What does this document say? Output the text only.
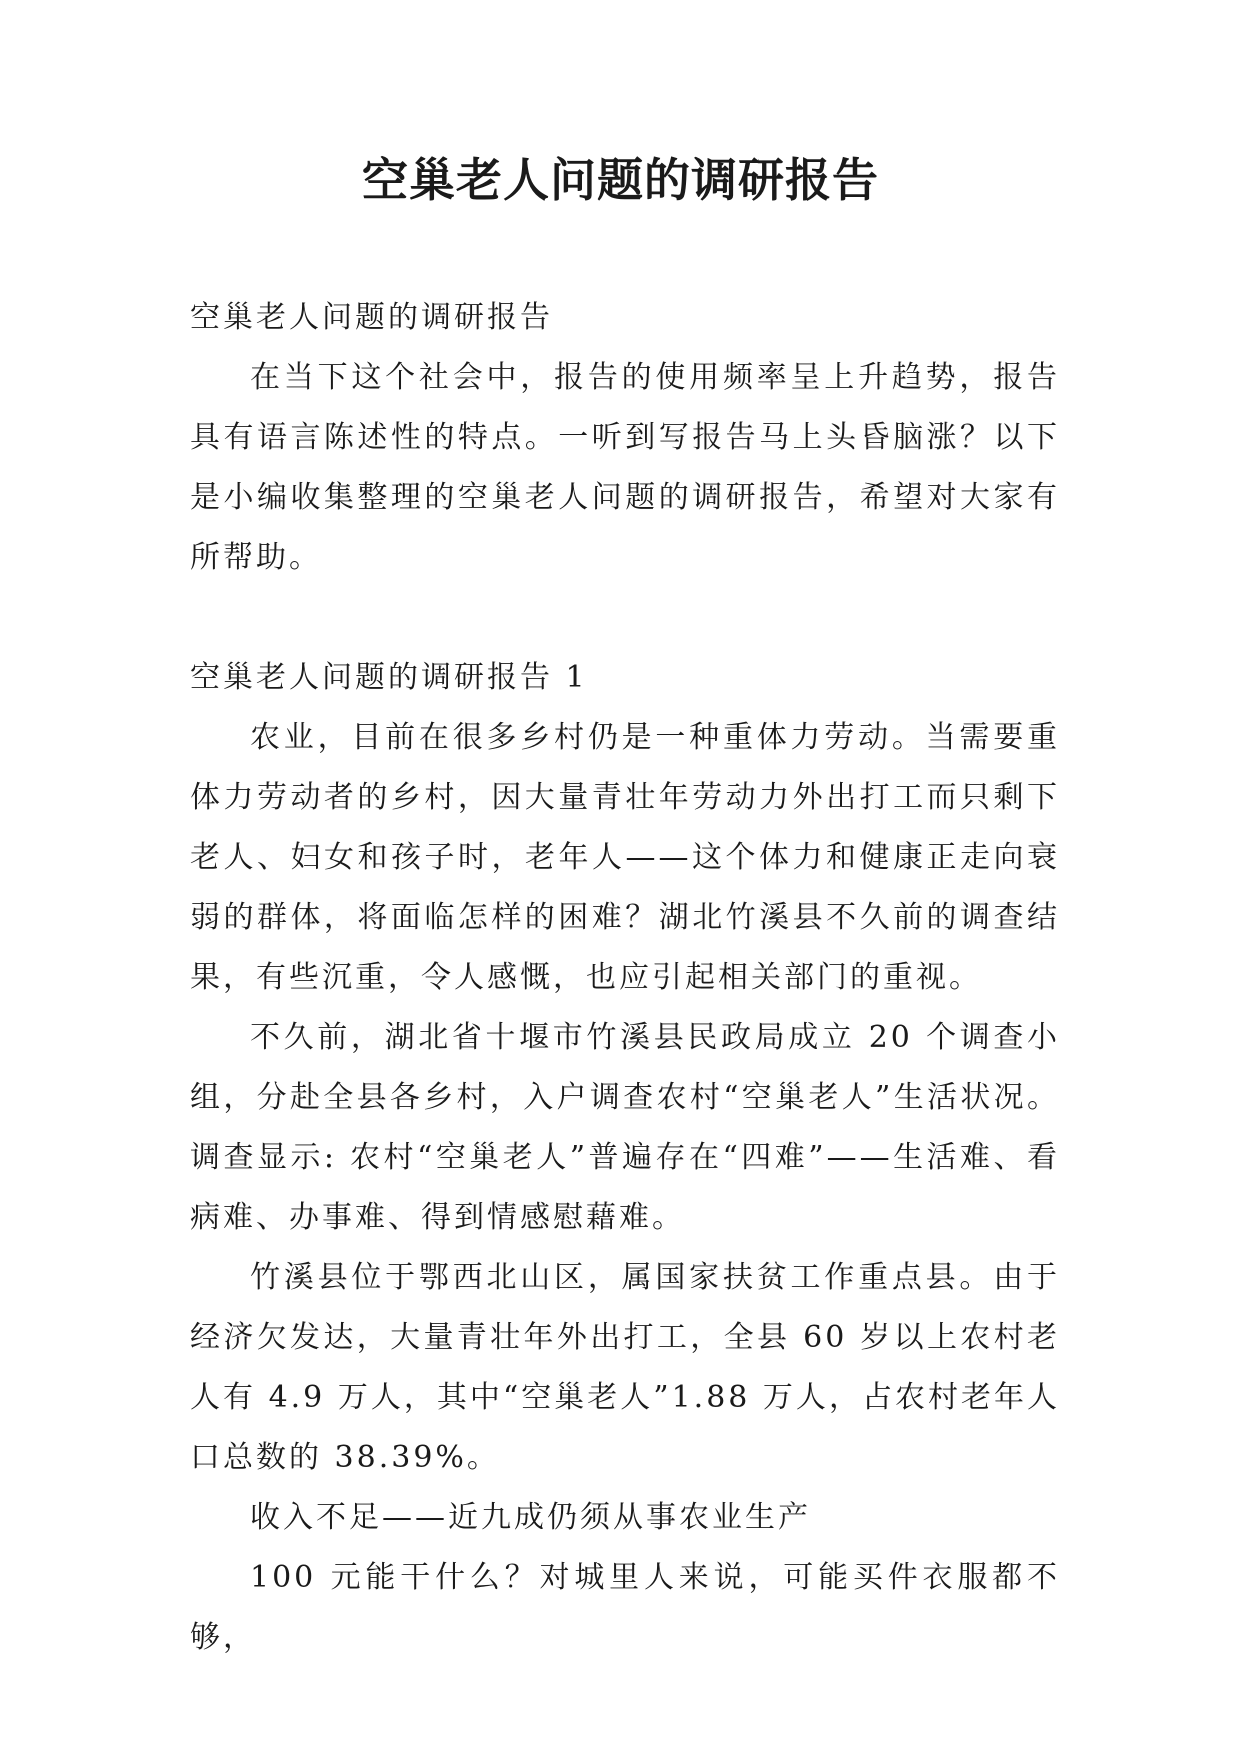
空巢老人问题的调研报告

空巢老人问题的调研报告

在当下这个社会中，报告的使用频率呈上升趋势，报告具有语言陈述性的特点。一听到写报告马上头昏脑涨？以下是小编收集整理的空巢老人问题的调研报告，希望对大家有所帮助。

空巢老人问题的调研报告 1

农业，目前在很多乡村仍是一种重体力劳动。当需要重体力劳动者的乡村，因大量青壮年劳动力外出打工而只剩下老人、妇女和孩子时，老年人——这个体力和健康正走向衰弱的群体，将面临怎样的困难？湖北竹溪县不久前的调查结果，有些沉重，令人感慨，也应引起相关部门的重视。

不久前，湖北省十堰市竹溪县民政局成立 20 个调查小组，分赴全县各乡村，入户调查农村“空巢老人”生活状况。调查显示: 农村“空巢老人”普遍存在“四难”——生活难、看病难、办事难、得到情感慰藉难。

竹溪县位于鄂西北山区，属国家扶贫工作重点县。由于经济欠发达，大量青壮年外出打工，全县 60 岁以上农村老人有 4.9 万人，其中“空巢老人”1.88 万人，占农村老年人口总数的 38.39%。

收入不足——近九成仍须从事农业生产

100 元能干什么？对城里人来说，可能买件衣服都不够，
